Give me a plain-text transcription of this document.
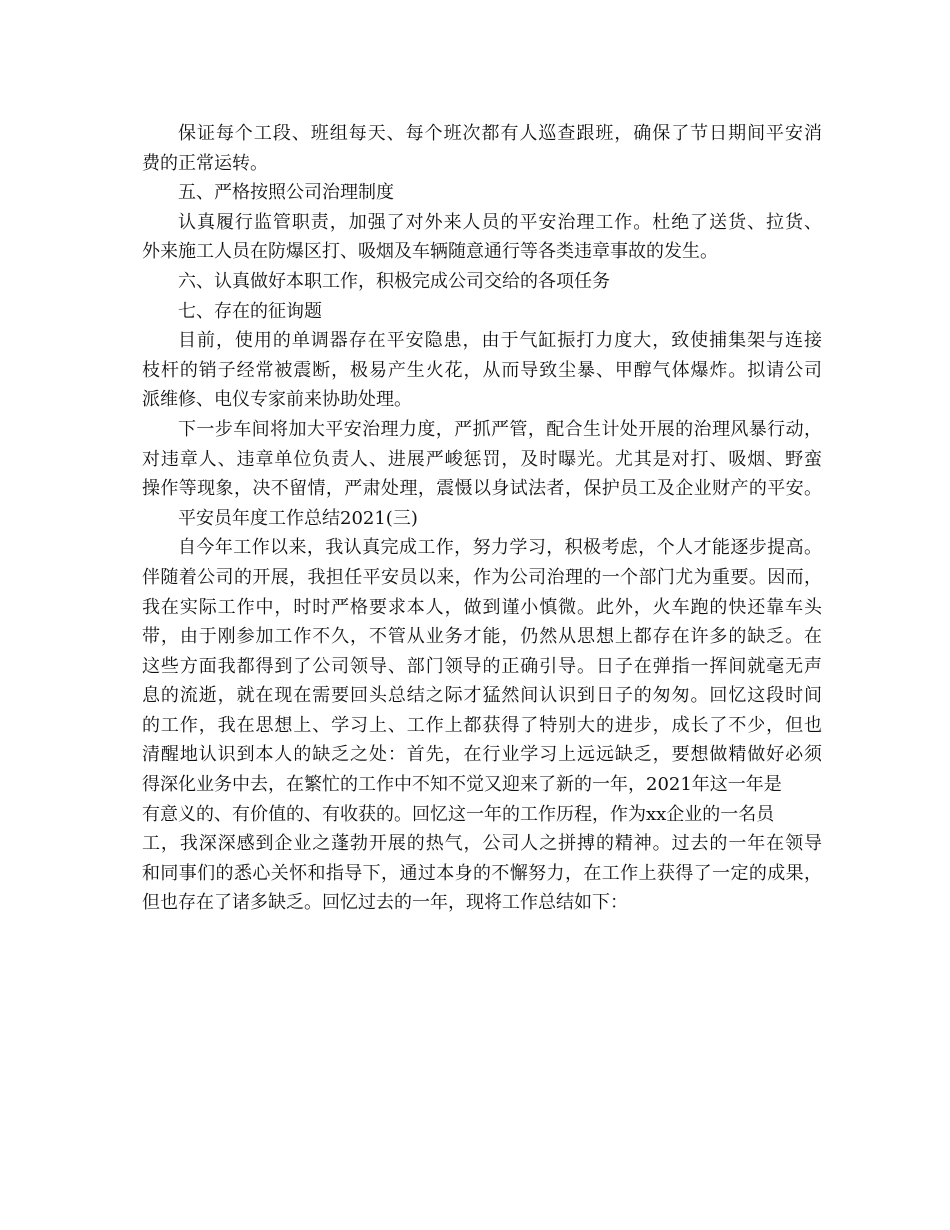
保证每个工段、班组每天、每个班次都有人巡查跟班，确保了节日期间平安消
费的正常运转。
五、严格按照公司治理制度
认真履行监管职责，加强了对外来人员的平安治理工作。杜绝了送货、拉货、
外来施工人员在防爆区打、吸烟及车辆随意通行等各类违章事故的发生。
六、认真做好本职工作，积极完成公司交给的各项任务
七、存在的征询题
目前，使用的单调器存在平安隐患，由于气缸振打力度大，致使捕集架与连接
枝杆的销子经常被震断，极易产生火花，从而导致尘暴、甲醇气体爆炸。拟请公司
派维修、电仪专家前来协助处理。
下一步车间将加大平安治理力度，严抓严管，配合生计处开展的治理风暴行动，
对违章人、违章单位负责人、进展严峻惩罚，及时曝光。尤其是对打、吸烟、野蛮
操作等现象，决不留情，严肃处理，震慑以身试法者，保护员工及企业财产的平安。
平安员年度工作总结2021(三)
自今年工作以来，我认真完成工作，努力学习，积极考虑，个人才能逐步提高。
伴随着公司的开展，我担任平安员以来，作为公司治理的一个部门尤为重要。因而，
我在实际工作中，时时严格要求本人，做到谨小慎微。此外，火车跑的快还靠车头
带，由于刚参加工作不久，不管从业务才能，仍然从思想上都存在许多的缺乏。在
这些方面我都得到了公司领导、部门领导的正确引导。日子在弹指一挥间就毫无声
息的流逝，就在现在需要回头总结之际才猛然间认识到日子的匆匆。回忆这段时间
的工作，我在思想上、学习上、工作上都获得了特别大的进步，成长了不少，但也
清醒地认识到本人的缺乏之处：首先，在行业学习上远远缺乏，要想做精做好必须
得深化业务中去，在繁忙的工作中不知不觉又迎来了新的一年，2021年这一年是
有意义的、有价值的、有收获的。回忆这一年的工作历程，作为xx企业的一名员
工，我深深感到企业之蓬勃开展的热气，公司人之拼搏的精神。过去的一年在领导
和同事们的悉心关怀和指导下，通过本身的不懈努力，在工作上获得了一定的成果，
但也存在了诸多缺乏。回忆过去的一年，现将工作总结如下：
